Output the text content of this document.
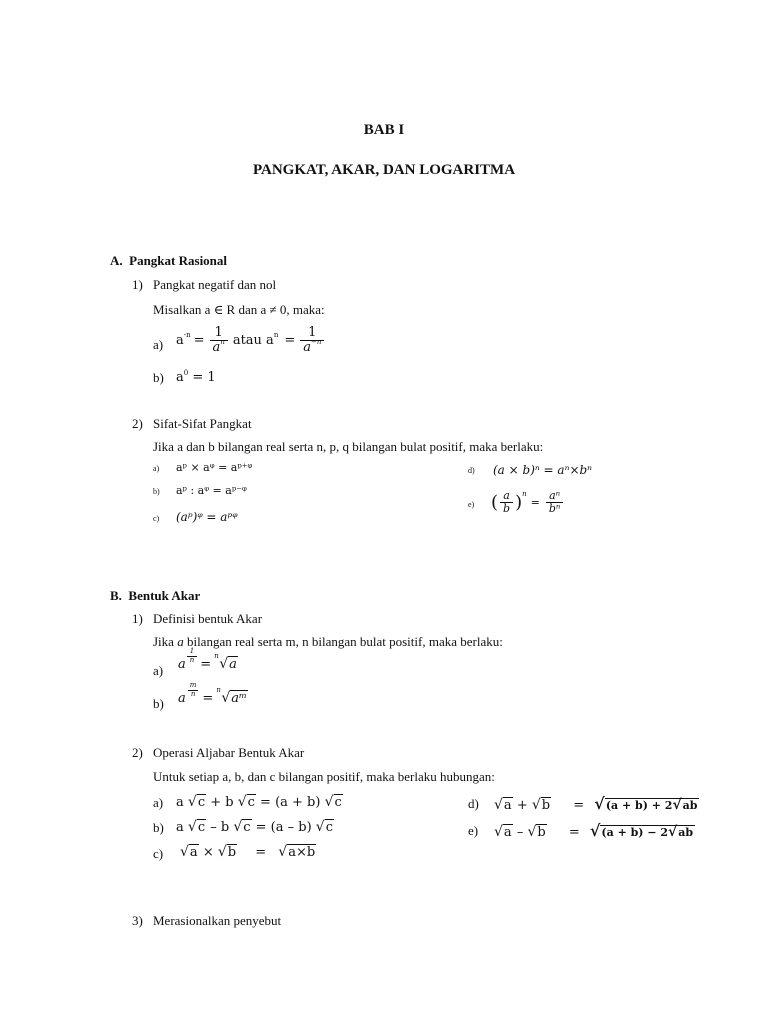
BAB I
PANGKAT, AKAR, DAN LOGARITMA
A. Pangkat Rasional
1) Pangkat negatif dan nol
Misalkan a ∈ R dan a ≠ 0, maka:
a) $a^{-n} = \frac{1}{a^n}$ atau $a^n = \frac{1}{a^{-n}}$
b) $a^0 = 1$
2) Sifat-Sifat Pangkat
Jika a dan b bilangan real serta n, p, q bilangan bulat positif, maka berlaku:
a) aᵖ × aᵠ = aᵖ⁺ᵠ
b) aᵖ : aᵠ = aᵖ⁻ᵠ
c) (aᵖ)ᵠ = aᵖᵠ
d) (a × b)ⁿ = aⁿ×bⁿ
e) ( $\frac{a}{b} )^n$
= $\frac{\text{aⁿ}}{\text{bⁿ}}$
B. Bentuk Akar
1) Definisi bentuk Akar
Jika a bilangan real serta m, n bilangan bulat positif, maka berlaku:
a) a
$\frac{1}{n}$
=
n √a
b) a
$\frac{m}{n}$
=
n √aᵐ
2) Operasi Aljabar Bentuk Akar
Untuk setiap a, b, dan c bilangan positif, maka berlaku hubungan:
a) a √c + b √c = (a + b) √c
b) a √c – b √c = (a – b) √c
c) √a × √b = √a×b
d) √a + √b = √(a + b) + 2√ab
e) √a – √b = √(a + b) − 2√ab
3) Merasionalkan penyebut
